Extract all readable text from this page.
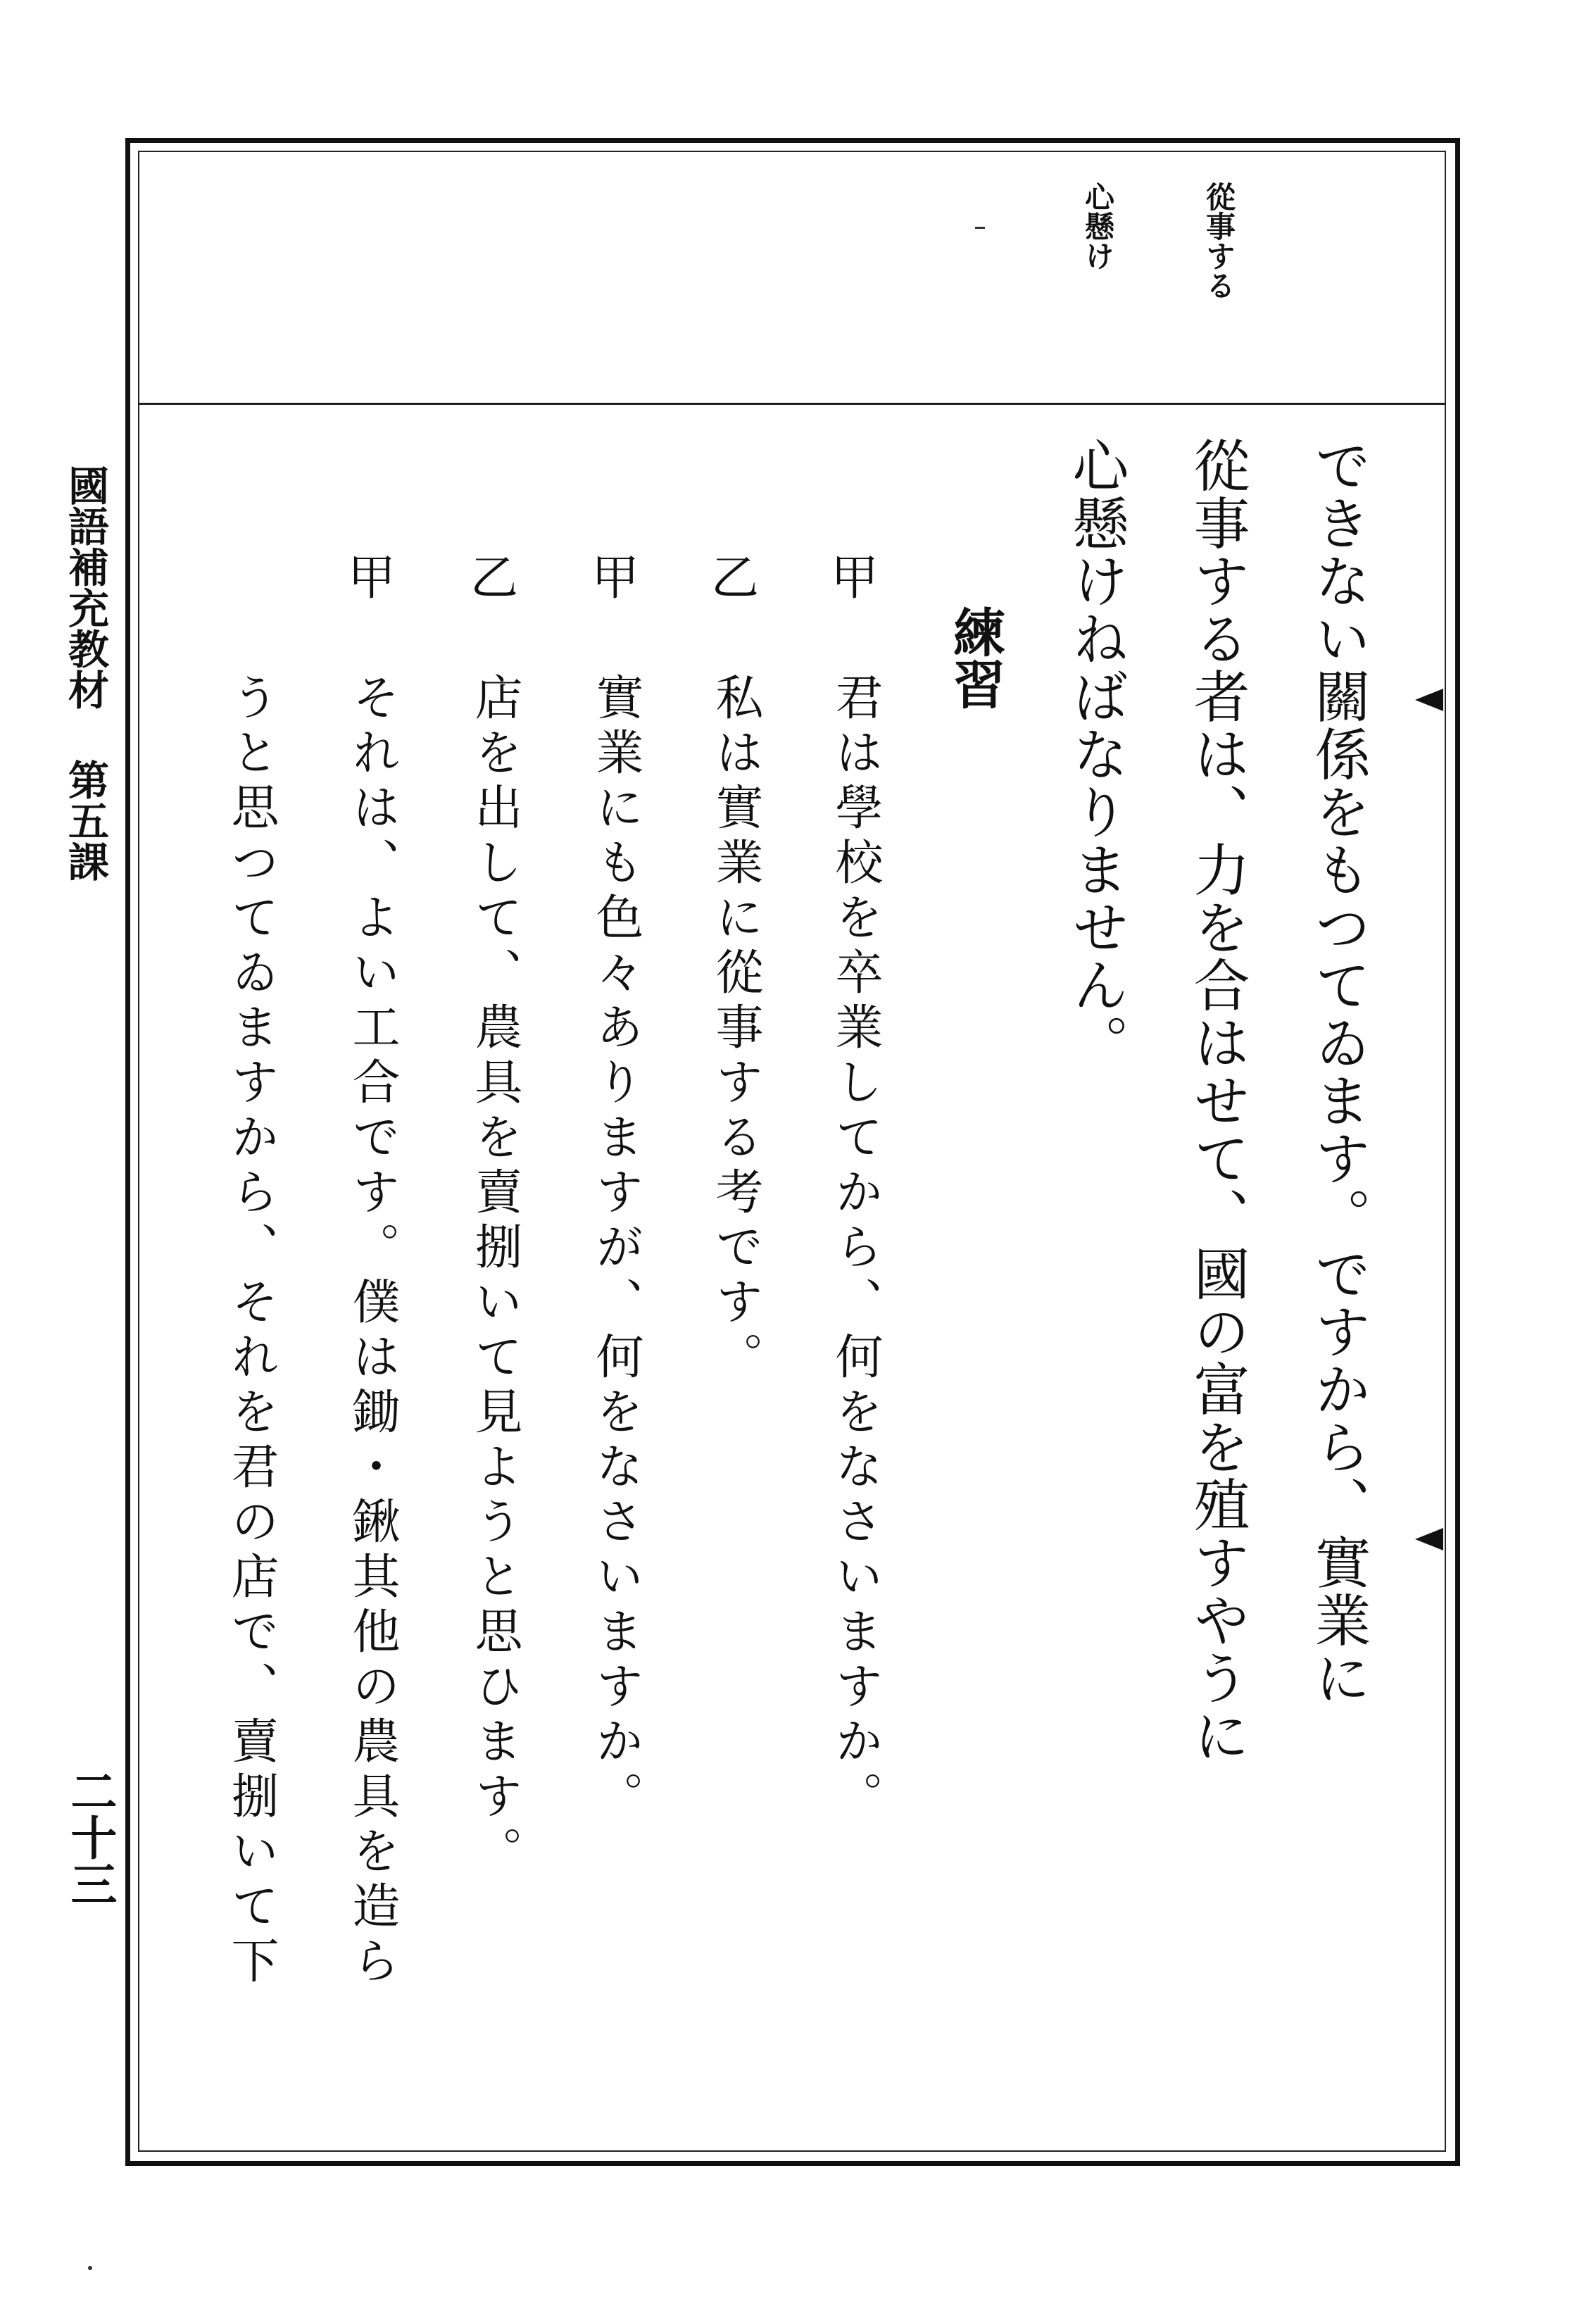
國語補充教材第五課
二十三
從事する
心懸け
できない關係をもつてゐます。ですから、實業に
從事する者は、力を合はせて、國の富を殖すやうに
心懸けねばなりません。
練習
甲
乙
甲
乙
甲
君は學校を卒業してから、何をなさいますか。
私は實業に從事する考です。
實業にも色々ありますが、何をなさいますか。
店を出して、農具を賣捌いて見ようと思ひます。
それは、よい工合です。僕は鋤・鍬其他の農具を造ら
うと思つてゐますから、それを君の店で、賣捌いて下
